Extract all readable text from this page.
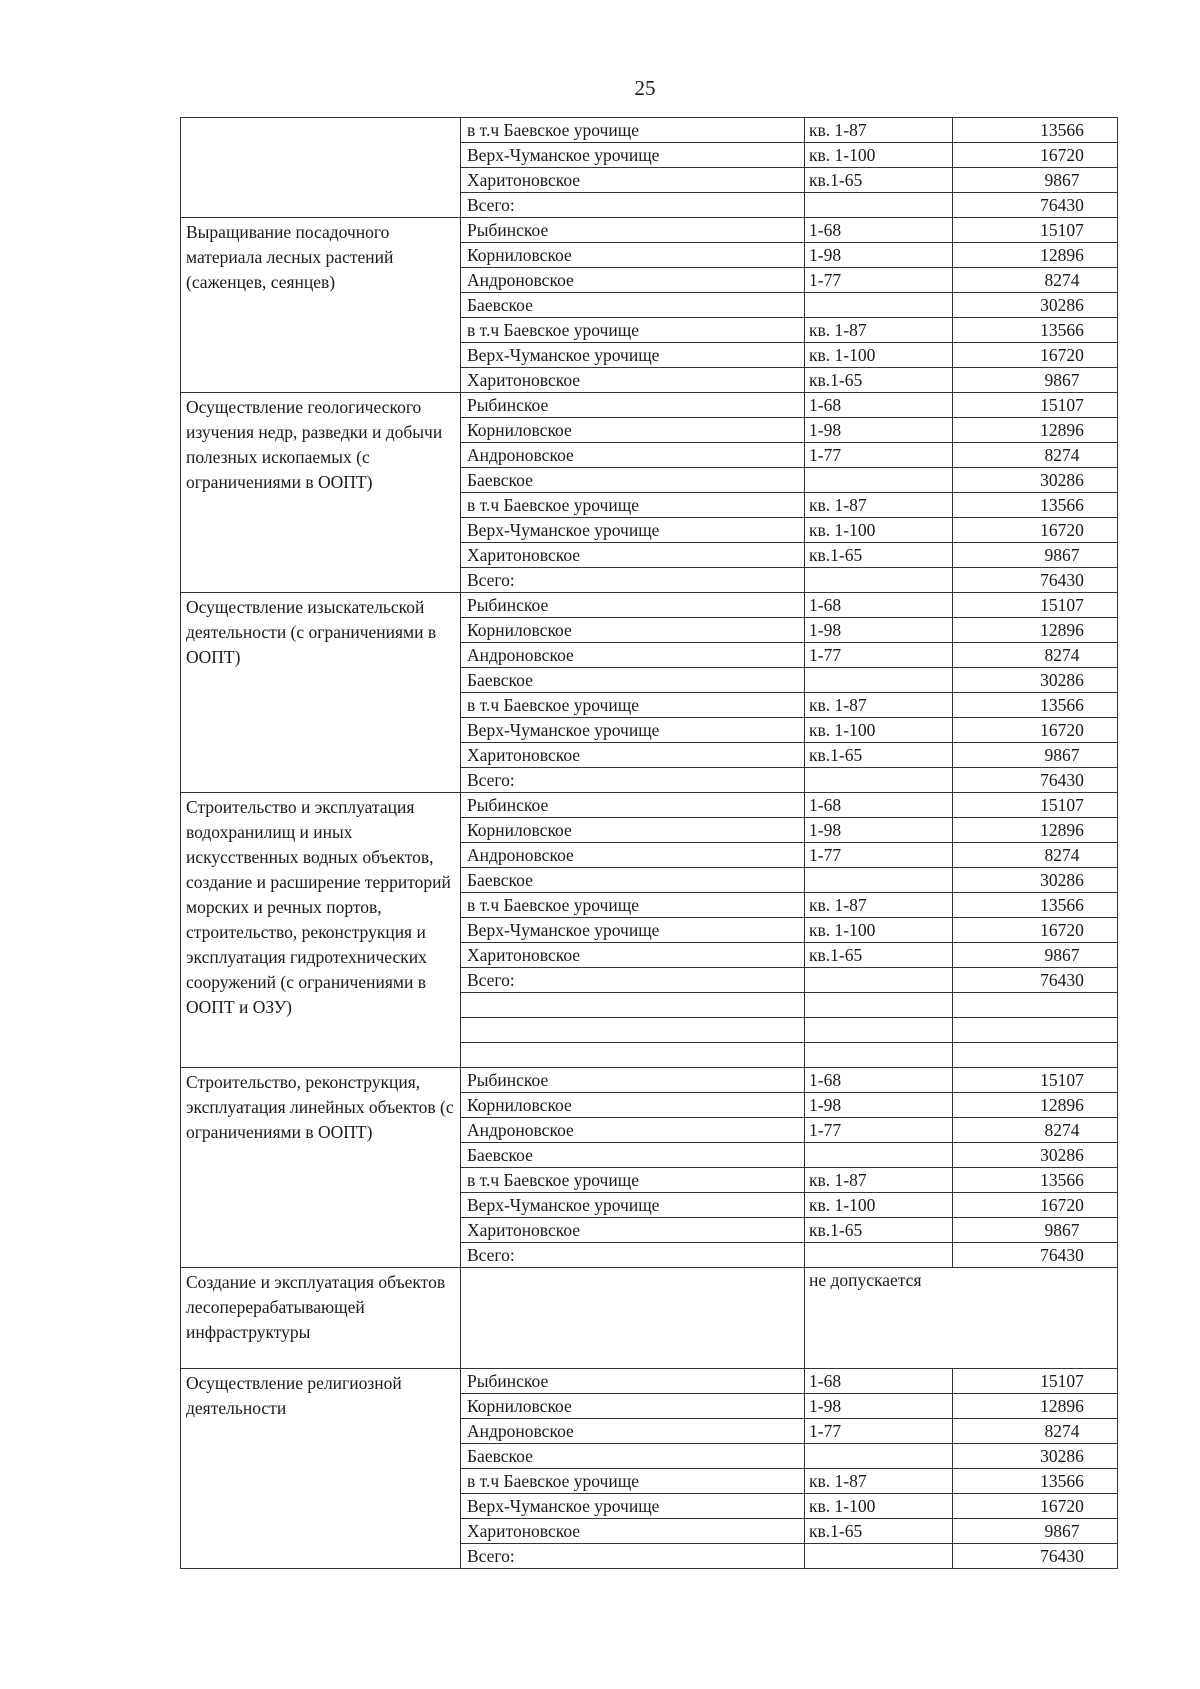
25
	в т.ч Баевское урочище	кв. 1-87	13566
	Верх-Чуманское урочище	кв. 1-100	16720
	Харитоновское	кв.1-65	9867
	Всего:		76430
Выращивание посадочного материала лесных растений (саженцев, сеянцев)	Рыбинское	1-68	15107
	Корниловское	1-98	12896
	Андроновское	1-77	8274
	Баевское		30286
	в т.ч Баевское урочище	кв. 1-87	13566
	Верх-Чуманское урочище	кв. 1-100	16720
	Харитоновское	кв.1-65	9867
Осуществление геологического изучения недр, разведки и добычи полезных ископаемых (с ограничениями в ООПТ)	Рыбинское	1-68	15107
	Корниловское	1-98	12896
	Андроновское	1-77	8274
	Баевское		30286
	в т.ч Баевское урочище	кв. 1-87	13566
	Верх-Чуманское урочище	кв. 1-100	16720
	Харитоновское	кв.1-65	9867
	Всего:		76430
Осуществление изыскательской деятельности (с ограничениями в ООПТ)	Рыбинское	1-68	15107
	Корниловское	1-98	12896
	Андроновское	1-77	8274
	Баевское		30286
	в т.ч Баевское урочище	кв. 1-87	13566
	Верх-Чуманское урочище	кв. 1-100	16720
	Харитоновское	кв.1-65	9867
	Всего:		76430
Строительство и эксплуатация водохранилищ и иных искусственных водных объектов, создание и расширение территорий морских и речных портов, строительство, реконструкция и эксплуатация гидротехнических сооружений (с ограничениями в ООПТ и ОЗУ)	Рыбинское	1-68	15107
	Корниловское	1-98	12896
	Андроновское	1-77	8274
	Баевское		30286
	в т.ч Баевское урочище	кв. 1-87	13566
	Верх-Чуманское урочище	кв. 1-100	16720
	Харитоновское	кв.1-65	9867
	Всего:		76430

Строительство, реконструкция, эксплуатация линейных объектов (с ограничениями в ООПТ)	Рыбинское	1-68	15107
	Корниловское	1-98	12896
	Андроновское	1-77	8274
	Баевское		30286
	в т.ч Баевское урочище	кв. 1-87	13566
	Верх-Чуманское урочище	кв. 1-100	16720
	Харитоновское	кв.1-65	9867
	Всего:		76430
Создание и эксплуатация объектов лесоперерабатывающей инфраструктуры		не допускается	
Осуществление религиозной деятельности	Рыбинское	1-68	15107
	Корниловское	1-98	12896
	Андроновское	1-77	8274
	Баевское		30286
	в т.ч Баевское урочище	кв. 1-87	13566
	Верх-Чуманское урочище	кв. 1-100	16720
	Харитоновское	кв.1-65	9867
	Всего:		76430
